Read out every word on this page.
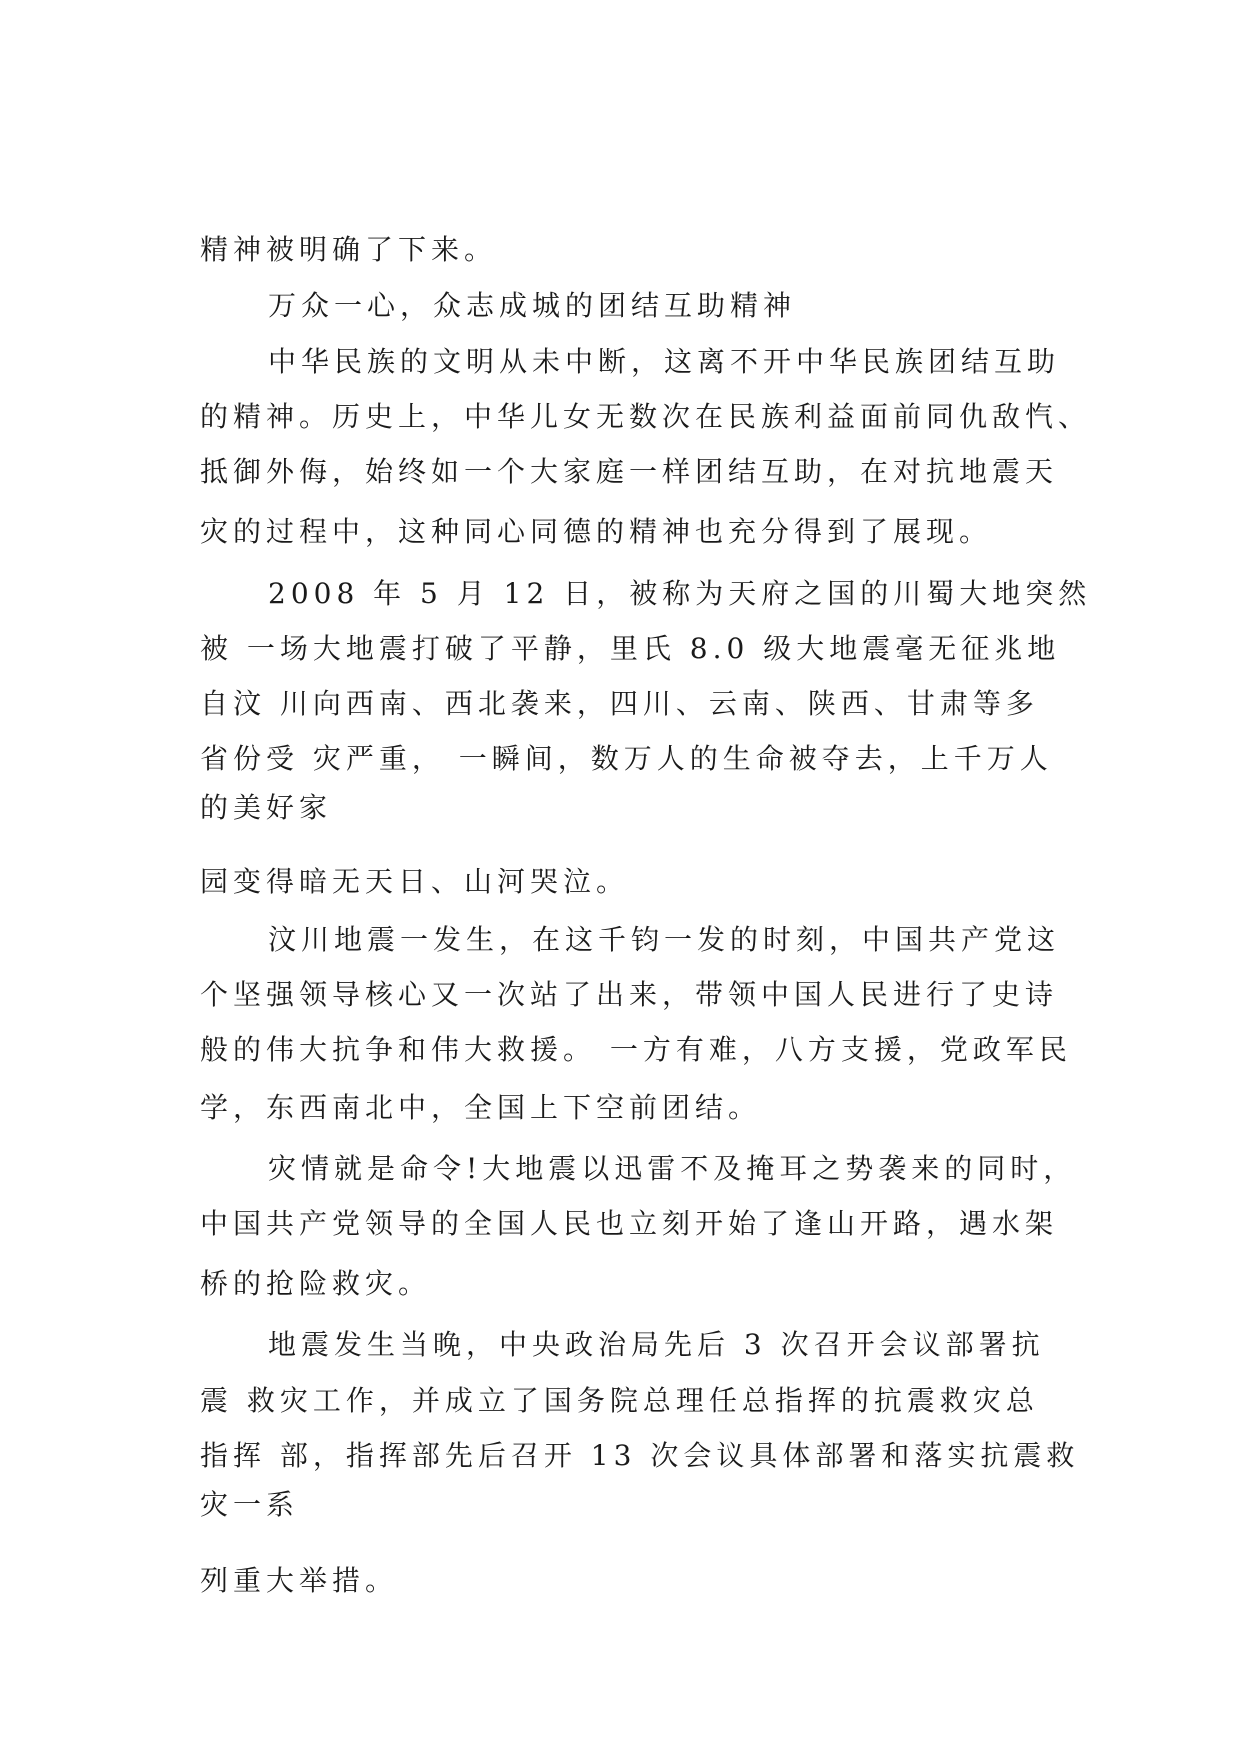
精神被明确了下来。

万众一心，众志成城的团结互助精神

中华民族的文明从未中断，这离不开中华民族团结互助

的精神。历史上，中华儿女无数次在民族利益面前同仇敌忾、

抵御外侮，始终如一个大家庭一样团结互助，在对抗地震天

灾的过程中，这种同心同德的精神也充分得到了展现。

2008 年 5 月 12 日，被称为天府之国的川蜀大地突然

被 一场大地震打破了平静，里氏 8.0 级大地震毫无征兆地

自汶 川向西南、西北袭来，四川、云南、陕西、甘肃等多

省份受 灾严重， 一瞬间，数万人的生命被夺去，上千万人

的美好家

园变得暗无天日、山河哭泣。

汶川地震一发生，在这千钧一发的时刻，中国共产党这

个坚强领导核心又一次站了出来，带领中国人民进行了史诗

般的伟大抗争和伟大救援。 一方有难，八方支援，党政军民

学，东西南北中，全国上下空前团结。

灾情就是命令!大地震以迅雷不及掩耳之势袭来的同时，

中国共产党领导的全国人民也立刻开始了逢山开路，遇水架

桥的抢险救灾。

地震发生当晚，中央政治局先后 3 次召开会议部署抗

震 救灾工作，并成立了国务院总理任总指挥的抗震救灾总

指挥 部，指挥部先后召开 13 次会议具体部署和落实抗震救

灾一系

列重大举措。
